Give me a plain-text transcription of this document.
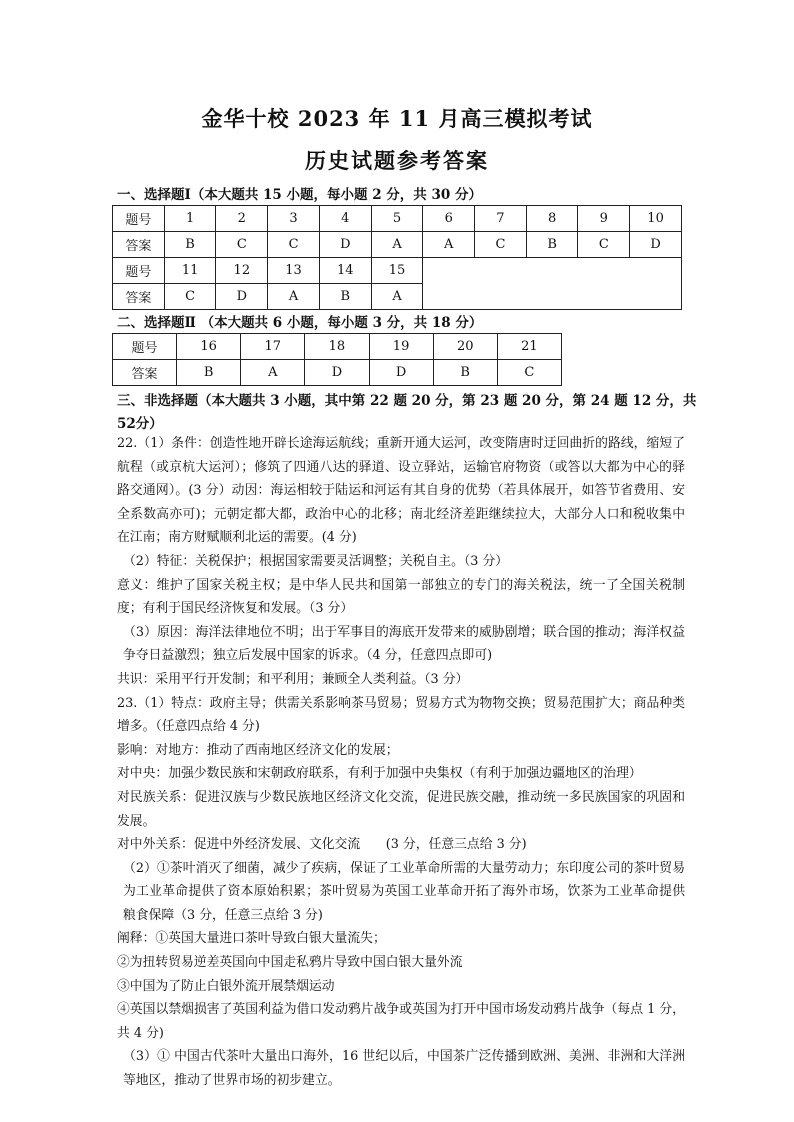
金华十校 2023 年 11 月高三模拟考试
历史试题参考答案
一、选择题Ⅰ（本大题共 15 小题，每小题 2 分，共 30 分）
题号	1	2	3	4	5	6	7	8	9	10
答案	B	C	C	D	A	A	C	B	C	D
题号	11	12	13	14	15					
答案	C	D	A	B	A					
二、选择题Ⅱ （本大题共 6 小题，每小题 3 分，共 18 分）
题号	16	17	18	19	20	21
答案	B	A	D	D	B	C
三、非选择题（本大题共 3 小题，其中第 22 题 20 分，第 23 题 20 分，第 24 题 12 分，共
52分）

22.（1）条件：创造性地开辟长途海运航线；重新开通大运河，改变隋唐时迂回曲折的路线，缩短了航程（或京杭大运河）；修筑了四通八达的驿道、设立驿站，运输官府物资（或答以大都为中心的驿路交通网）。(3 分）动因：海运相较于陆运和河运有其自身的优势（若具体展开，如答节省费用、安全系数高亦可)；元朝定都大都，政治中心的北移；南北经济差距继续拉大，大部分人口和税收集中在江南；南方财赋顺利北运的需要。(4 分)

（2）特征：关税保护；根据国家需要灵活调整；关税自主。（3 分）

意义：维护了国家关税主权；是中华人民共和国第一部独立的专门的海关税法，统一了全国关税制度；有利于国民经济恢复和发展。（3 分）

（3）原因：海洋法律地位不明；出于军事目的海底开发带来的威胁剧增；联合国的推动；海洋权益争夺日益激烈；独立后发展中国家的诉求。（4 分，任意四点即可)

共识：采用平行开发制；和平利用；兼顾全人类利益。（3 分）

23.（1）特点：政府主导；供需关系影响茶马贸易；贸易方式为物物交换；贸易范围扩大；商品种类增多。（任意四点给 4 分)

影响：对地方：推动了西南地区经济文化的发展；

对中央：加强少数民族和宋朝政府联系，有利于加强中央集权（有利于加强边疆地区的治理）

对民族关系：促进汉族与少数民族地区经济文化交流，促进民族交融，推动统一多民族国家的巩固和发展。

对中外关系：促进中外经济发展、文化交流　　(3 分，任意三点给 3 分)

（2）①茶叶消灭了细菌，减少了疾病，保证了工业革命所需的大量劳动力；东印度公司的茶叶贸易为工业革命提供了资本原始积累；茶叶贸易为英国工业革命开拓了海外市场，饮茶为工业革命提供粮食保障（3 分，任意三点给 3 分)

阐释：①英国大量进口茶叶导致白银大量流失；

②为扭转贸易逆差英国向中国走私鸦片导致中国白银大量外流

③中国为了防止白银外流开展禁烟运动

④英国以禁烟损害了英国利益为借口发动鸦片战争或英国为打开中国市场发动鸦片战争（每点 1 分，共 4 分)

（3）① 中国古代茶叶大量出口海外，16 世纪以后，中国茶广泛传播到欧洲、美洲、非洲和大洋洲等地区，推动了世界市场的初步建立。
